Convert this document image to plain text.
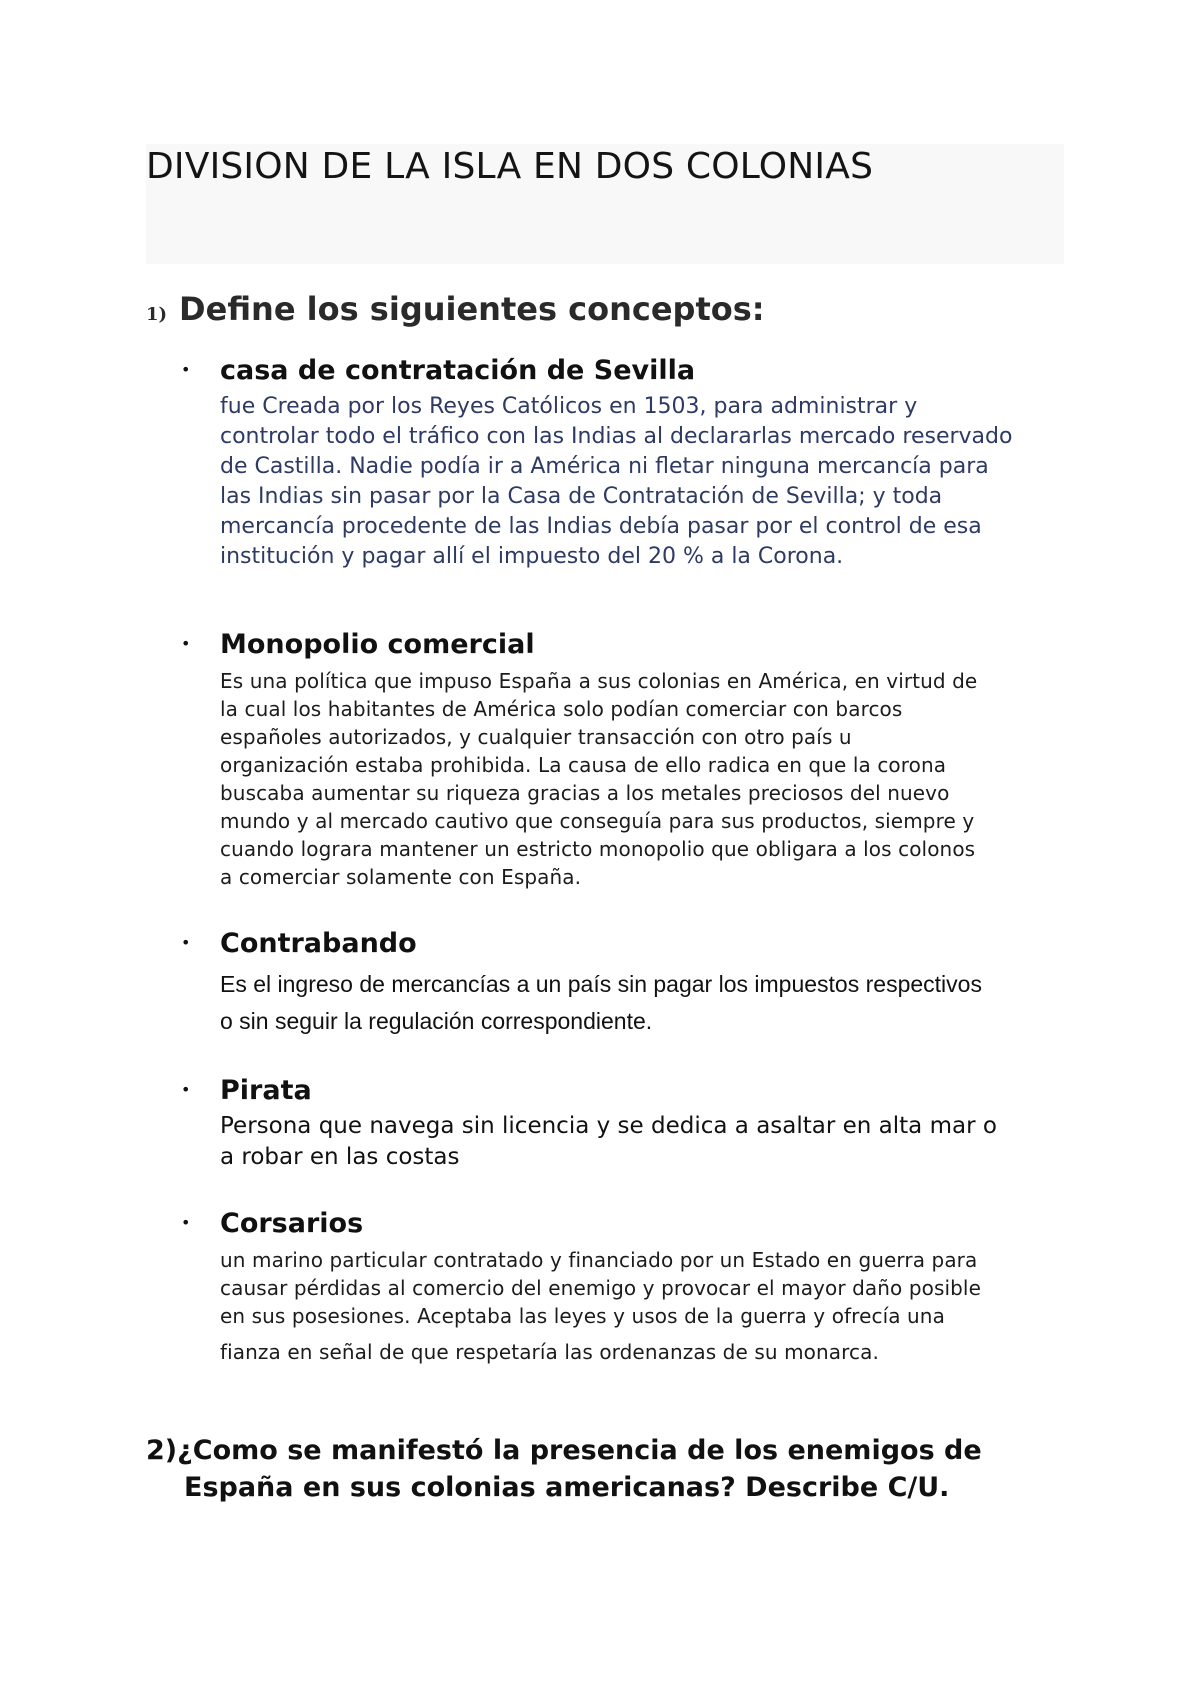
DIVISION DE LA ISLA EN DOS COLONIAS
1) Define los siguientes conceptos:
• casa de contratación de Sevilla
fue Creada por los Reyes Católicos en 1503, para administrar y
controlar todo el tráfico con las Indias al declararlas mercado reservado
de Castilla. Nadie podía ir a América ni fletar ninguna mercancía para
las Indias sin pasar por la Casa de Contratación de Sevilla; y toda
mercancía procedente de las Indias debía pasar por el control de esa
institución y pagar allí el impuesto del 20 % a la Corona.
• Monopolio comercial
Es una política que impuso España a sus colonias en América, en virtud de
la cual los habitantes de América solo podían comerciar con barcos
españoles autorizados, y cualquier transacción con otro país u
organización estaba prohibida. La causa de ello radica en que la corona
buscaba aumentar su riqueza gracias a los metales preciosos del nuevo
mundo y al mercado cautivo que conseguía para sus productos, siempre y
cuando lograra mantener un estricto monopolio que obligara a los colonos
a comerciar solamente con España.
• Contrabando
Es el ingreso de mercancías a un país sin pagar los impuestos respectivos
o sin seguir la regulación correspondiente.
• Pirata
Persona que navega sin licencia y se dedica a asaltar en alta mar o
a robar en las costas
• Corsarios
un marino particular contratado y financiado por un Estado en guerra para
causar pérdidas al comercio del enemigo y provocar el mayor daño posible
en sus posesiones. Aceptaba las leyes y usos de la guerra y ofrecía una
fianza en señal de que respetaría las ordenanzas de su monarca.
2)¿Como se manifestó la presencia de los enemigos de
España en sus colonias americanas? Describe C/U.
